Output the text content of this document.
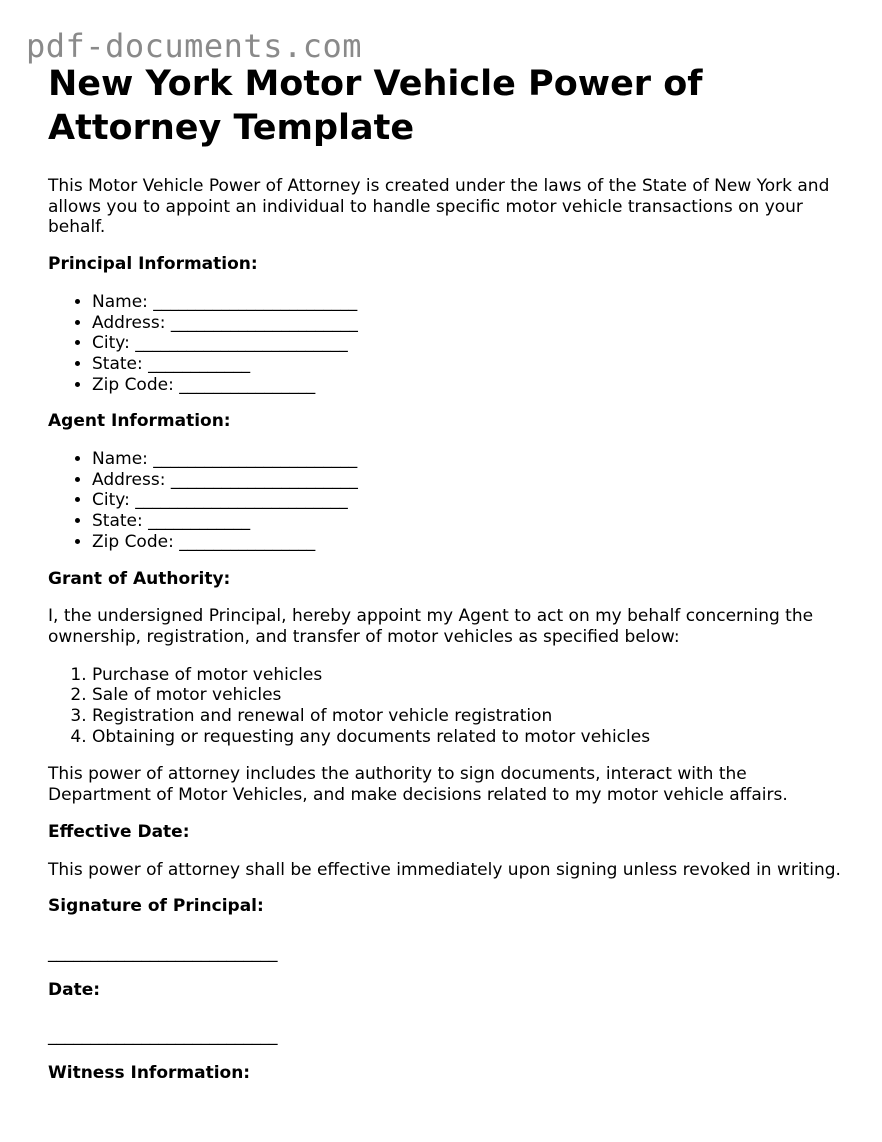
pdf-documents.com
New York Motor Vehicle Power of Attorney Template

This Motor Vehicle Power of Attorney is created under the laws of the State of New York and allows you to appoint an individual to handle specific motor vehicle transactions on your behalf.

Principal Information:

• Name: ________________________
• Address: ______________________
• City: _________________________
• State: ____________
• Zip Code: ________________

Agent Information:

• Name: ________________________
• Address: ______________________
• City: _________________________
• State: ____________
• Zip Code: ________________

Grant of Authority:

I, the undersigned Principal, hereby appoint my Agent to act on my behalf concerning the ownership, registration, and transfer of motor vehicles as specified below:

1. Purchase of motor vehicles
2. Sale of motor vehicles
3. Registration and renewal of motor vehicle registration
4. Obtaining or requesting any documents related to motor vehicles

This power of attorney includes the authority to sign documents, interact with the Department of Motor Vehicles, and make decisions related to my motor vehicle affairs.

Effective Date:

This power of attorney shall be effective immediately upon signing unless revoked in writing.

Signature of Principal:

___________________________

Date:

___________________________

Witness Information:
